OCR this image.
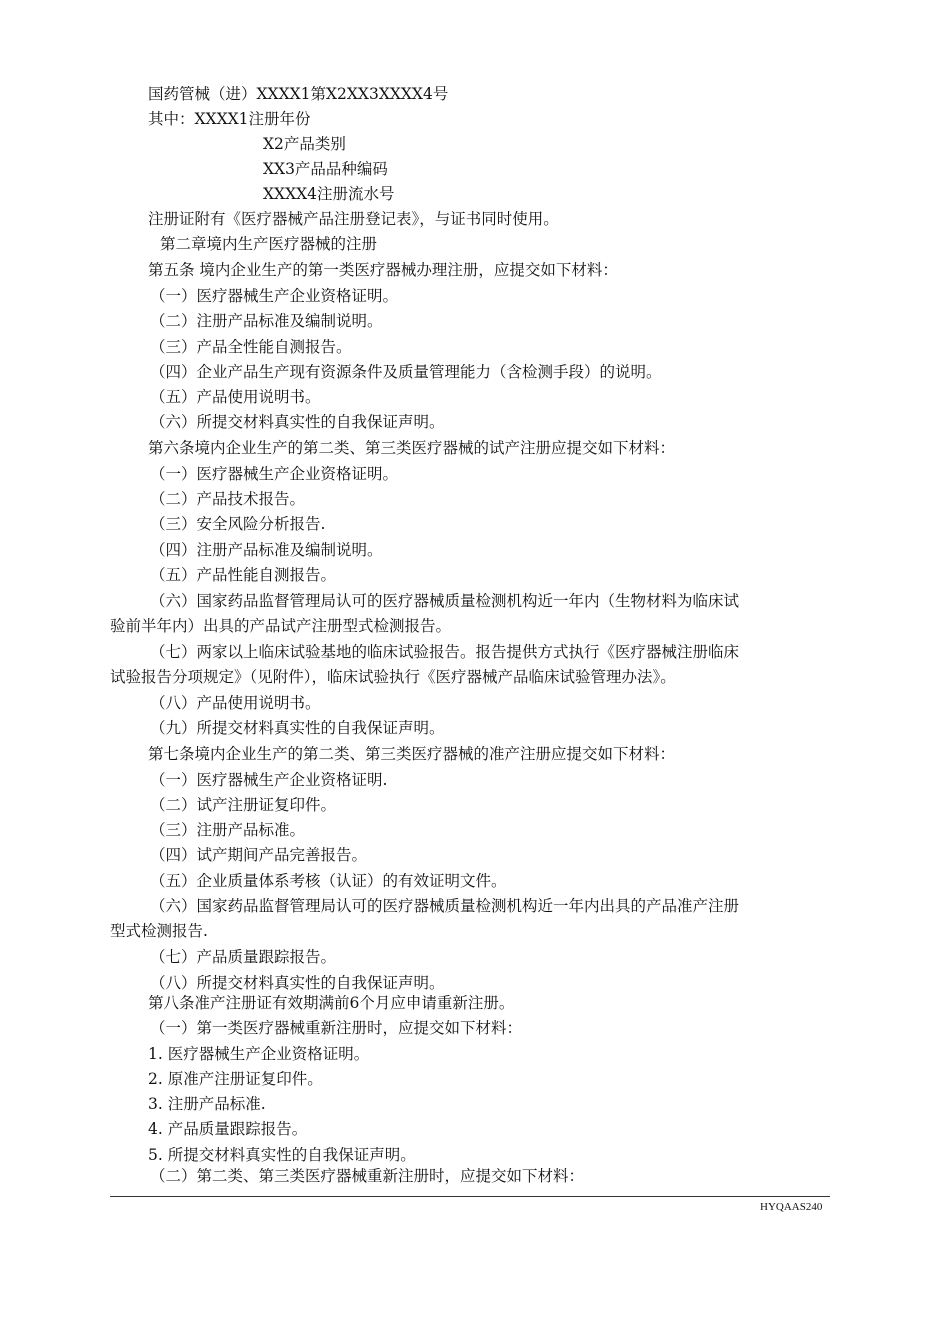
国药管械（进）XXXX1第X2XX3XXXX4号
其中：XXXX1注册年份
X2产品类别
XX3产品品种编码
XXXX4注册流水号
注册证附有《医疗器械产品注册登记表》，与证书同时使用。
第二章境内生产医疗器械的注册
第五条 境内企业生产的第一类医疗器械办理注册，应提交如下材料：
（一）医疗器械生产企业资格证明。
（二）注册产品标准及编制说明。
（三）产品全性能自测报告。
（四）企业产品生产现有资源条件及质量管理能力（含检测手段）的说明。
（五）产品使用说明书。
（六）所提交材料真实性的自我保证声明。
第六条境内企业生产的第二类、第三类医疗器械的试产注册应提交如下材料：
（一）医疗器械生产企业资格证明。
（二）产品技术报告。
（三）安全风险分析报告.
（四）注册产品标准及编制说明。
（五）产品性能自测报告。
（六）国家药品监督管理局认可的医疗器械质量检测机构近一年内（生物材料为临床试
验前半年内）出具的产品试产注册型式检测报告。
（七）两家以上临床试验基地的临床试验报告。报告提供方式执行《医疗器械注册临床
试验报告分项规定》（见附件），临床试验执行《医疗器械产品临床试验管理办法》。
（八）产品使用说明书。
（九）所提交材料真实性的自我保证声明。
第七条境内企业生产的第二类、第三类医疗器械的准产注册应提交如下材料：
（一）医疗器械生产企业资格证明.
（二）试产注册证复印件。
（三）注册产品标准。
（四）试产期间产品完善报告。
（五）企业质量体系考核（认证）的有效证明文件。
（六）国家药品监督管理局认可的医疗器械质量检测机构近一年内出具的产品准产注册
型式检测报告.
（七）产品质量跟踪报告。
（八）所提交材料真实性的自我保证声明。
第八条准产注册证有效期满前6个月应申请重新注册。
（一）第一类医疗器械重新注册时，应提交如下材料：
1. 医疗器械生产企业资格证明。
2. 原准产注册证复印件。
3. 注册产品标准.
4. 产品质量跟踪报告。
5. 所提交材料真实性的自我保证声明。
（二）第二类、第三类医疗器械重新注册时，应提交如下材料：
HYQAAS240
